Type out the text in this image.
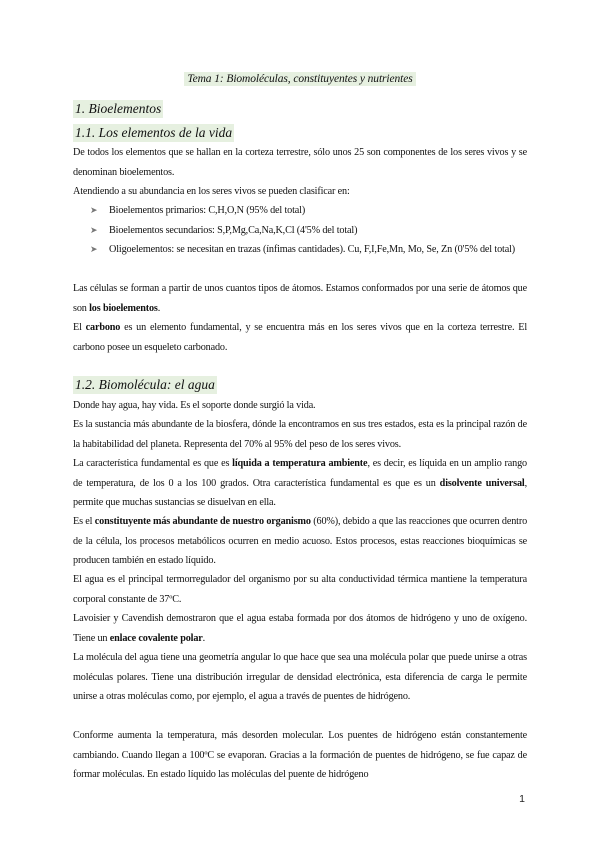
Tema 1: Biomoléculas, constituyentes y nutrientes
1. Bioelementos
1.1. Los elementos de la vida
De todos los elementos que se hallan en la corteza terrestre, sólo unos 25 son componentes de los seres vivos y se denominan bioelementos.
Atendiendo a su abundancia en los seres vivos se pueden clasificar en:
➤ Bioelementos primarios: C,H,O,N (95% del total)
➤ Bioelementos secundarios: S,P,Mg,Ca,Na,K,Cl (4'5% del total)
➤ Oligoelementos: se necesitan en trazas (ínfimas cantidades). Cu, F,I,Fe,Mn, Mo, Se, Zn (0'5% del total)
Las células se forman a partir de unos cuantos tipos de átomos. Estamos conformados por una serie de átomos que son los bioelementos.
El carbono es un elemento fundamental, y se encuentra más en los seres vivos que en la corteza terrestre. El carbono posee un esqueleto carbonado.
1.2. Biomolécula: el agua
Donde hay agua, hay vida. Es el soporte donde surgió la vida.
Es la sustancia más abundante de la biosfera, dónde la encontramos en sus tres estados, esta es la principal razón de la habitabilidad del planeta. Representa del 70% al 95% del peso de los seres vivos.
La característica fundamental es que es líquida a temperatura ambiente, es decir, es líquida en un amplio rango de temperatura, de los 0 a los 100 grados. Otra característica fundamental es que es un disolvente universal, permite que muchas sustancias se disuelvan en ella.
Es el constituyente más abundante de nuestro organismo (60%), debido a que las reacciones que ocurren dentro de la célula, los procesos metabólicos ocurren en medio acuoso. Estos procesos, estas reacciones bioquímicas se producen también en estado líquido.
El agua es el principal termorregulador del organismo por su alta conductividad térmica mantiene la temperatura corporal constante de 37ºC.
Lavoisier y Cavendish demostraron que el agua estaba formada por dos átomos de hidrógeno y uno de oxígeno. Tiene un enlace covalente polar.
La molécula del agua tiene una geometría angular lo que hace que sea una molécula polar que puede unirse a otras moléculas polares. Tiene una distribución irregular de densidad electrónica, esta diferencia de carga le permite unirse a otras moléculas como, por ejemplo, el agua a través de puentes de hidrógeno.
Conforme aumenta la temperatura, más desorden molecular. Los puentes de hidrógeno están constantemente cambiando. Cuando llegan a 100ºC se evaporan. Gracias a la formación de puentes de hidrógeno, se fue capaz de formar moléculas. En estado líquido las moléculas del puente de hidrógeno
1
